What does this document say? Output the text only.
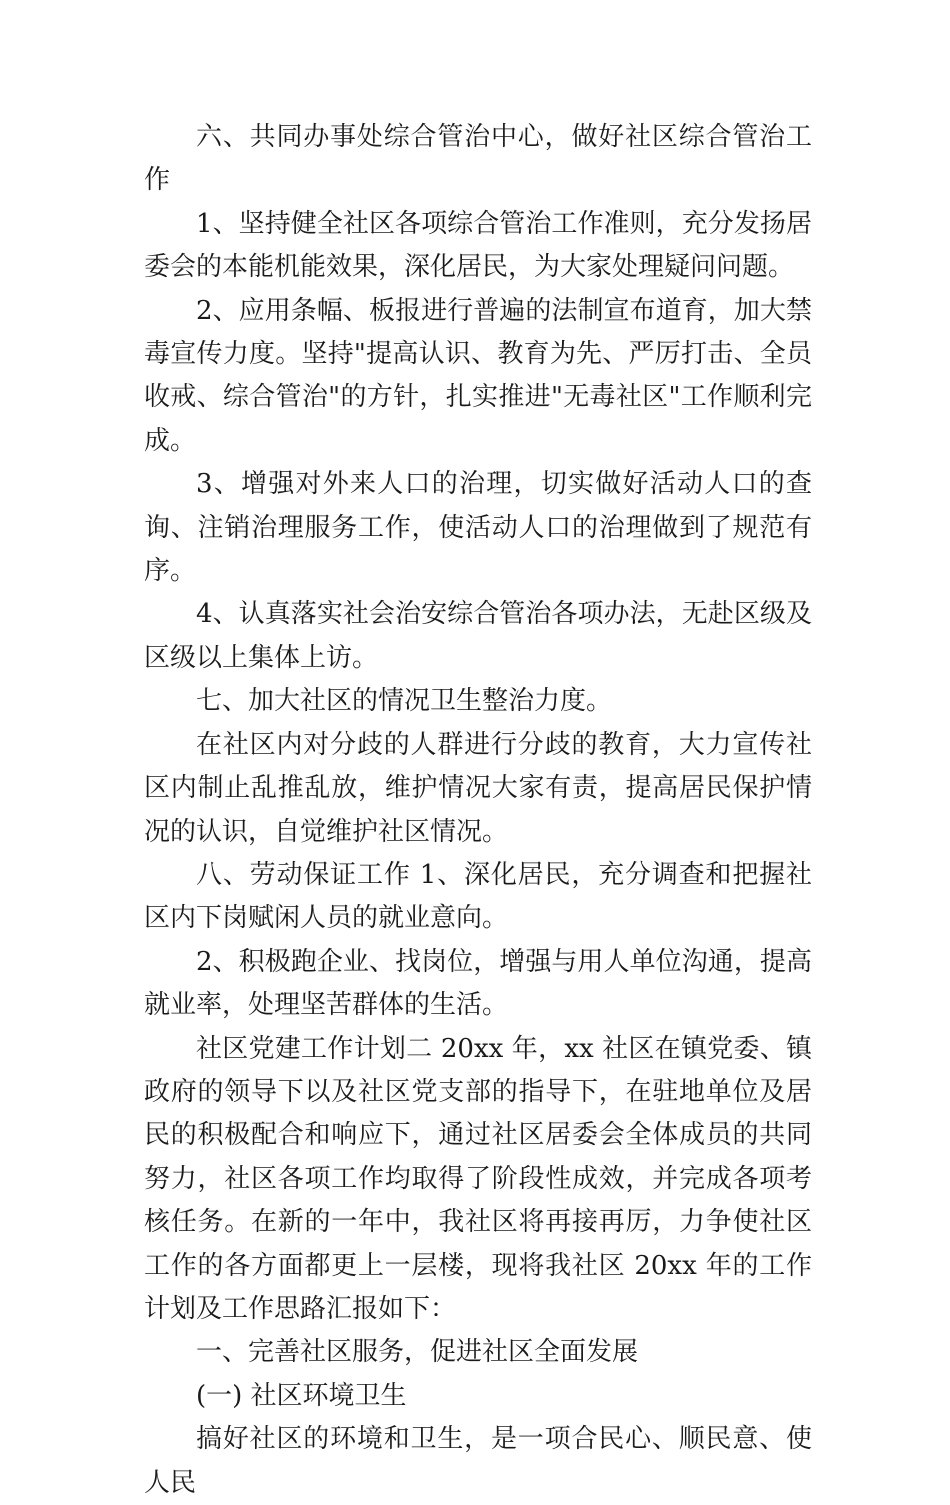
六、共同办事处综合管治中心，做好社区综合管治工作

1、坚持健全社区各项综合管治工作准则，充分发扬居委会的本能机能效果，深化居民，为大家处理疑问问题。

2、应用条幅、板报进行普遍的法制宣布道育，加大禁毒宣传力度。坚持"提高认识、教育为先、严厉打击、全员收戒、综合管治"的方针，扎实推进"无毒社区"工作顺利完成。

3、增强对外来人口的治理，切实做好活动人口的查询、注销治理服务工作，使活动人口的治理做到了规范有序。

4、认真落实社会治安综合管治各项办法，无赴区级及区级以上集体上访。

七、加大社区的情况卫生整治力度。

在社区内对分歧的人群进行分歧的教育，大力宣传社区内制止乱推乱放，维护情况大家有责，提高居民保护情况的认识，自觉维护社区情况。

八、劳动保证工作 1、深化居民，充分调查和把握社区内下岗赋闲人员的就业意向。

2、积极跑企业、找岗位，增强与用人单位沟通，提高就业率，处理坚苦群体的生活。

社区党建工作计划二 20xx 年，xx 社区在镇党委、镇政府的领导下以及社区党支部的指导下，在驻地单位及居民的积极配合和响应下，通过社区居委会全体成员的共同努力，社区各项工作均取得了阶段性成效，并完成各项考核任务。在新的一年中，我社区将再接再厉，力争使社区工作的各方面都更上一层楼，现将我社区 20xx 年的工作计划及工作思路汇报如下：

一、完善社区服务，促进社区全面发展

(一) 社区环境卫生

搞好社区的环境和卫生，是一项合民心、顺民意、使人民
